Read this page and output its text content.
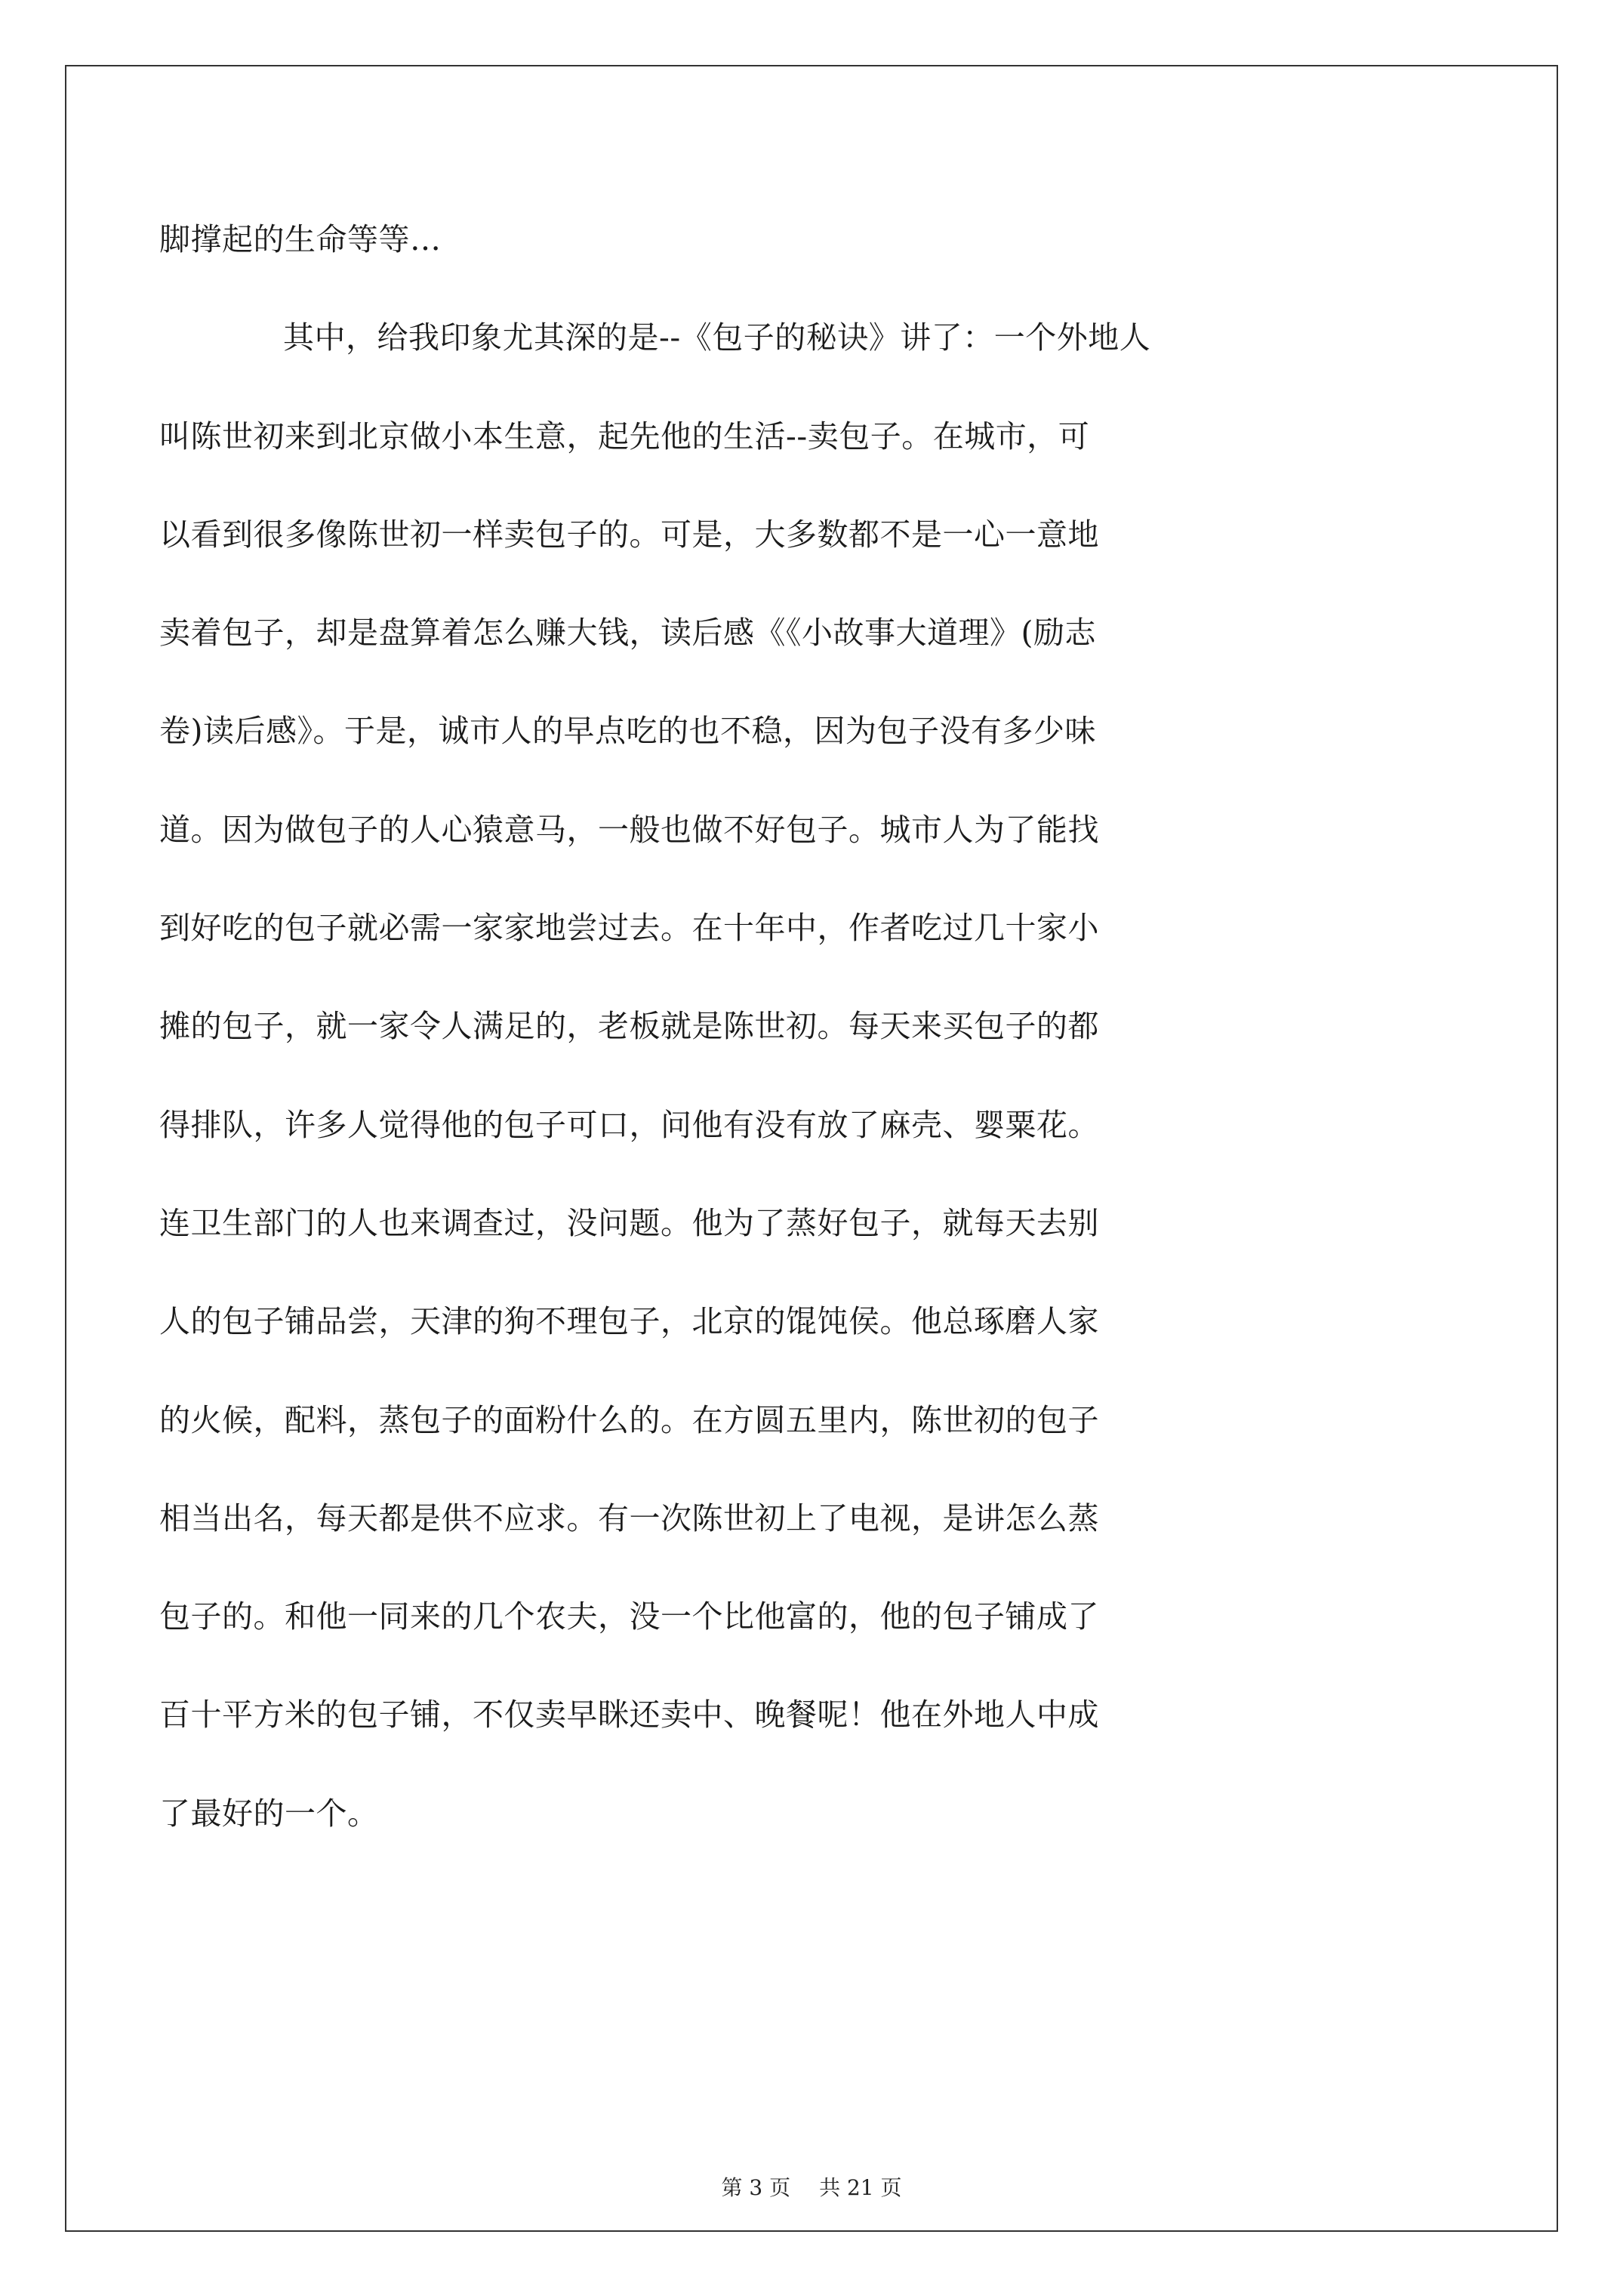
脚撑起的生命等等…
其中，给我印象尤其深的是--《包子的秘诀》讲了：一个外地人
叫陈世初来到北京做小本生意，起先他的生活--卖包子。在城市，可
以看到很多像陈世初一样卖包子的。可是，大多数都不是一心一意地
卖着包子，却是盘算着怎么赚大钱，读后感《《小故事大道理》(励志
卷)读后感》。于是，诚市人的早点吃的也不稳，因为包子没有多少味
道。因为做包子的人心猿意马，一般也做不好包子。城市人为了能找
到好吃的包子就必需一家家地尝过去。在十年中，作者吃过几十家小
摊的包子，就一家令人满足的，老板就是陈世初。每天来买包子的都
得排队，许多人觉得他的包子可口，问他有没有放了麻壳、婴粟花。
连卫生部门的人也来调查过，没问题。他为了蒸好包子，就每天去别
人的包子铺品尝，天津的狗不理包子，北京的馄饨侯。他总琢磨人家
的火候，配料，蒸包子的面粉什么的。在方圆五里内，陈世初的包子
相当出名，每天都是供不应求。有一次陈世初上了电视，是讲怎么蒸
包子的。和他一同来的几个农夫，没一个比他富的，他的包子铺成了
百十平方米的包子铺，不仅卖早眯还卖中、晚餐呢！他在外地人中成
了最好的一个。
第 3 页 共 21 页
